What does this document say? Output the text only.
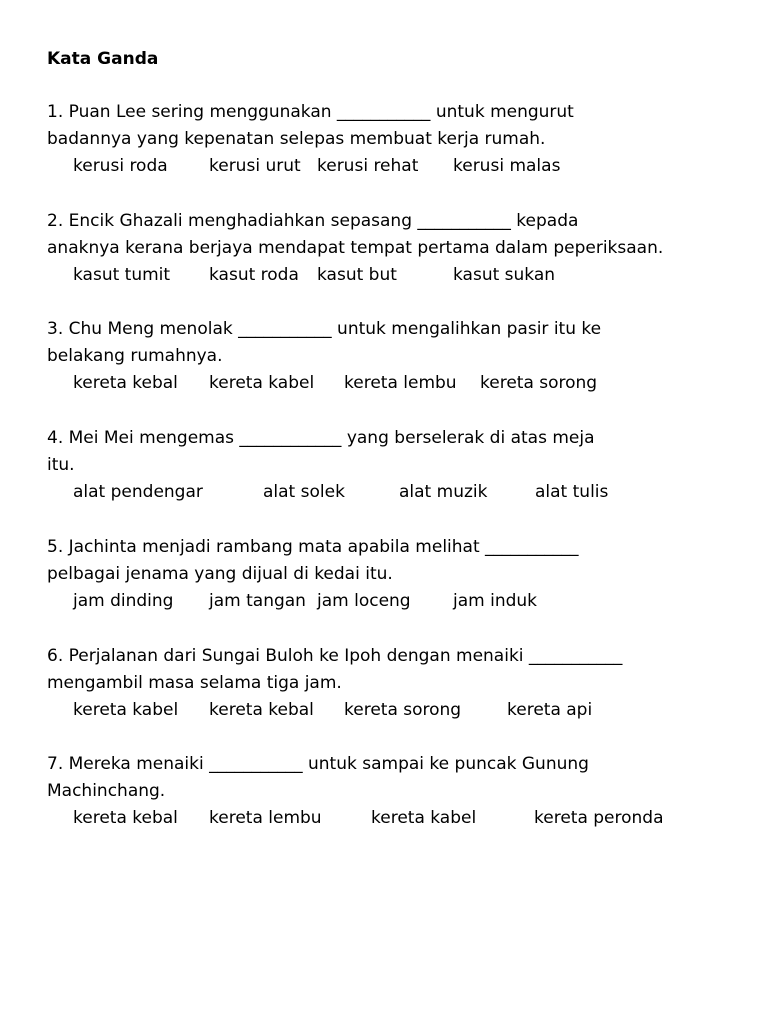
Kata Ganda
1. Puan Lee sering menggunakan ___________ untuk mengurut
badannya yang kepenatan selepas membuat kerja rumah.
kerusi roda kerusi urut kerusi rehat kerusi malas
2. Encik Ghazali menghadiahkan sepasang ___________ kepada
anaknya kerana berjaya mendapat tempat pertama dalam peperiksaan.
kasut tumit kasut roda kasut but	kasut sukan
3. Chu Meng menolak ___________ untuk mengalihkan pasir itu ke
belakang rumahnya.
kereta kebal kereta kabel kereta lembu kereta sorong
4. Mei Mei mengemas ____________ yang berselerak di atas meja
itu.
alat pendengar	alat solek	alat muzik	alat tulis
5. Jachinta menjadi rambang mata apabila melihat ___________
pelbagai jenama yang dijual di kedai itu.
jam dinding jam tangan jam loceng jam induk
6. Perjalanan dari Sungai Buloh ke Ipoh dengan menaiki ___________
mengambil masa selama tiga jam.
kereta kabel kereta kebal kereta sorong	kereta api
7. Mereka menaiki ___________ untuk sampai ke puncak Gunung
Machinchang.
kereta kebal kereta lembu	kereta kabel	kereta peronda
